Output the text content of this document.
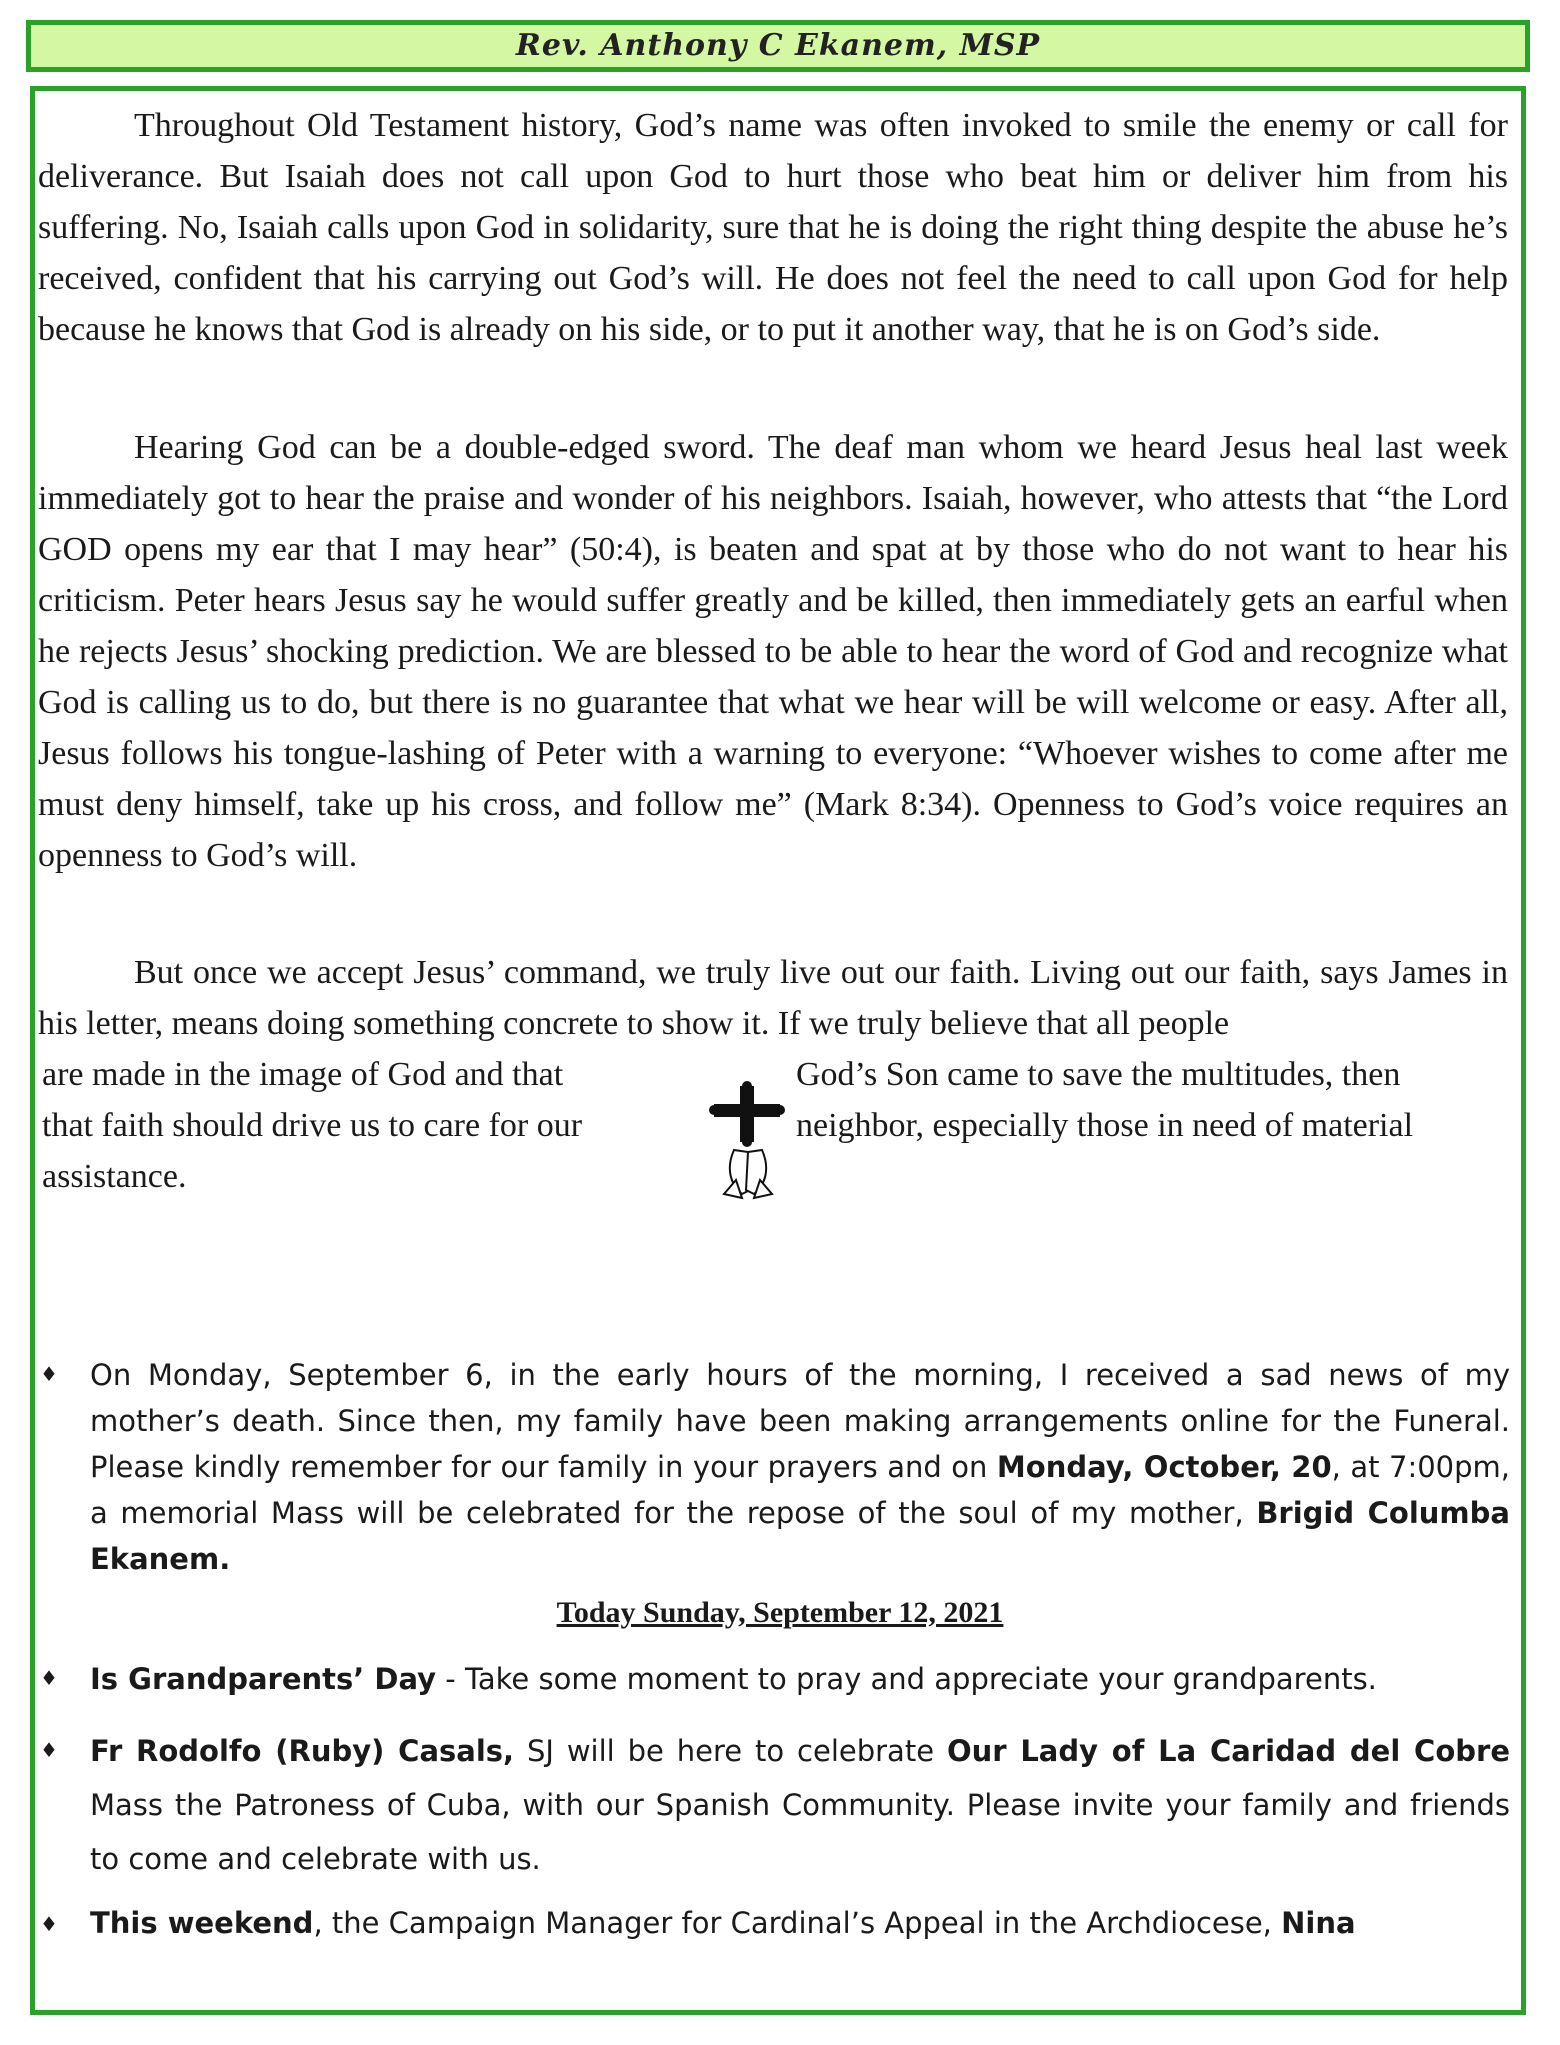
Rev. Anthony C Ekanem, MSP

Throughout Old Testament history, God’s name was often invoked to smile the enemy or call for deliverance. But Isaiah does not call upon God to hurt those who beat him or deliver him from his suffering. No, Isaiah calls upon God in solidarity, sure that he is doing the right thing despite the abuse he’s received, confident that his carrying out God’s will. He does not feel the need to call upon God for help because he knows that God is already on his side, or to put it another way, that he is on God’s side.

Hearing God can be a double-edged sword. The deaf man whom we heard Jesus heal last week immediately got to hear the praise and wonder of his neighbors. Isaiah, however, who attests that “the Lord GOD opens my ear that I may hear” (50:4), is beaten and spat at by those who do not want to hear his criticism. Peter hears Jesus say he would suffer greatly and be killed, then immediately gets an earful when he rejects Jesus’ shocking prediction. We are blessed to be able to hear the word of God and recognize what God is calling us to do, but there is no guarantee that what we hear will be will welcome or easy. After all, Jesus follows his tongue-lashing of Peter with a warning to everyone: “Whoever wishes to come after me must deny himself, take up his cross, and follow me” (Mark 8:34). Openness to God’s voice requires an openness to God’s will.

But once we accept Jesus’ command, we truly live out our faith. Living out our faith, says James in his letter, means doing something concrete to show it. If we truly believe that all people

are made in the image of God and that

that faith should drive us to care for our

assistance.

God’s Son came to save the multitudes, then

neighbor, especially those in need of material

♦ On Monday, September 6, in the early hours of the morning, I received a sad news of my mother’s death. Since then, my family have been making arrangements online for the Funeral. Please kindly remember for our family in your prayers and on Monday, October, 20, at 7:00pm, a memorial Mass will be celebrated for the repose of the soul of my mother, Brigid Columba Ekanem.

Today Sunday, September 12, 2021
♦ Is Grandparents’ Day - Take some moment to pray and appreciate your grandparents.

♦ Fr Rodolfo (Ruby) Casals, SJ will be here to celebrate Our Lady of La Caridad del Cobre Mass the Patroness of Cuba, with our Spanish Community. Please invite your family and friends to come and celebrate with us.

♦ This weekend, the Campaign Manager for Cardinal’s Appeal in the Archdiocese, Nina
